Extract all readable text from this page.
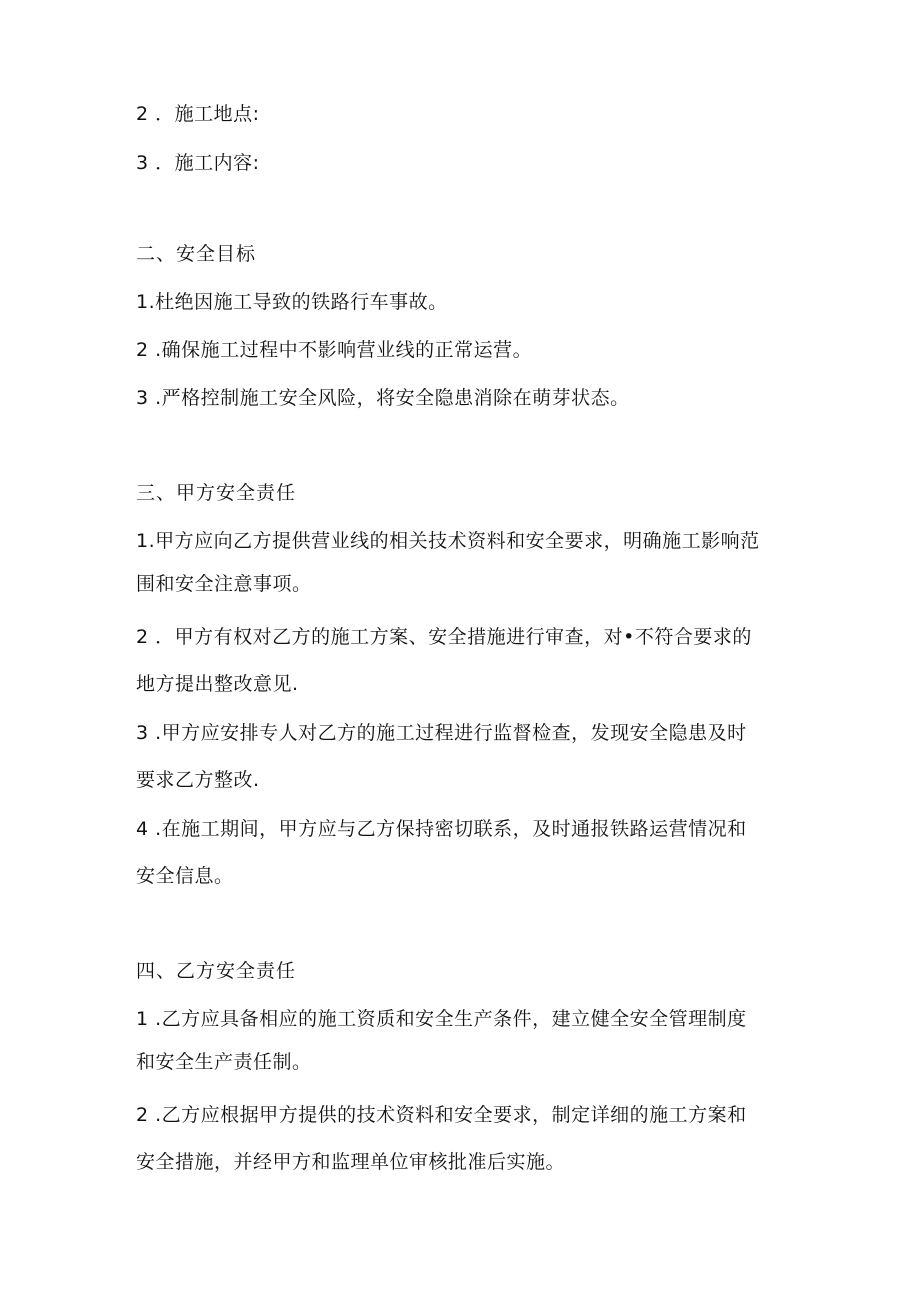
2 ．施工地点:
3 ．施工内容:
二、安全目标
1.杜绝因施工导致的铁路行车事故。
2 .确保施工过程中不影响营业线的正常运营。
3 .严格控制施工安全风险，将安全隐患消除在萌芽状态。
三、甲方安全责任
1.甲方应向乙方提供营业线的相关技术资料和安全要求，明确施工影响范
围和安全注意事项。
2 ．甲方有权对乙方的施工方案、安全措施进行审查，对•不符合要求的
地方提出整改意见.
3 .甲方应安排专人对乙方的施工过程进行监督检查，发现安全隐患及时
要求乙方整改.
4 .在施工期间，甲方应与乙方保持密切联系，及时通报铁路运营情况和
安全信息。
四、乙方安全责任
1 .乙方应具备相应的施工资质和安全生产条件，建立健全安全管理制度
和安全生产责任制。
2 .乙方应根据甲方提供的技术资料和安全要求，制定详细的施工方案和
安全措施，并经甲方和监理单位审核批准后实施。
